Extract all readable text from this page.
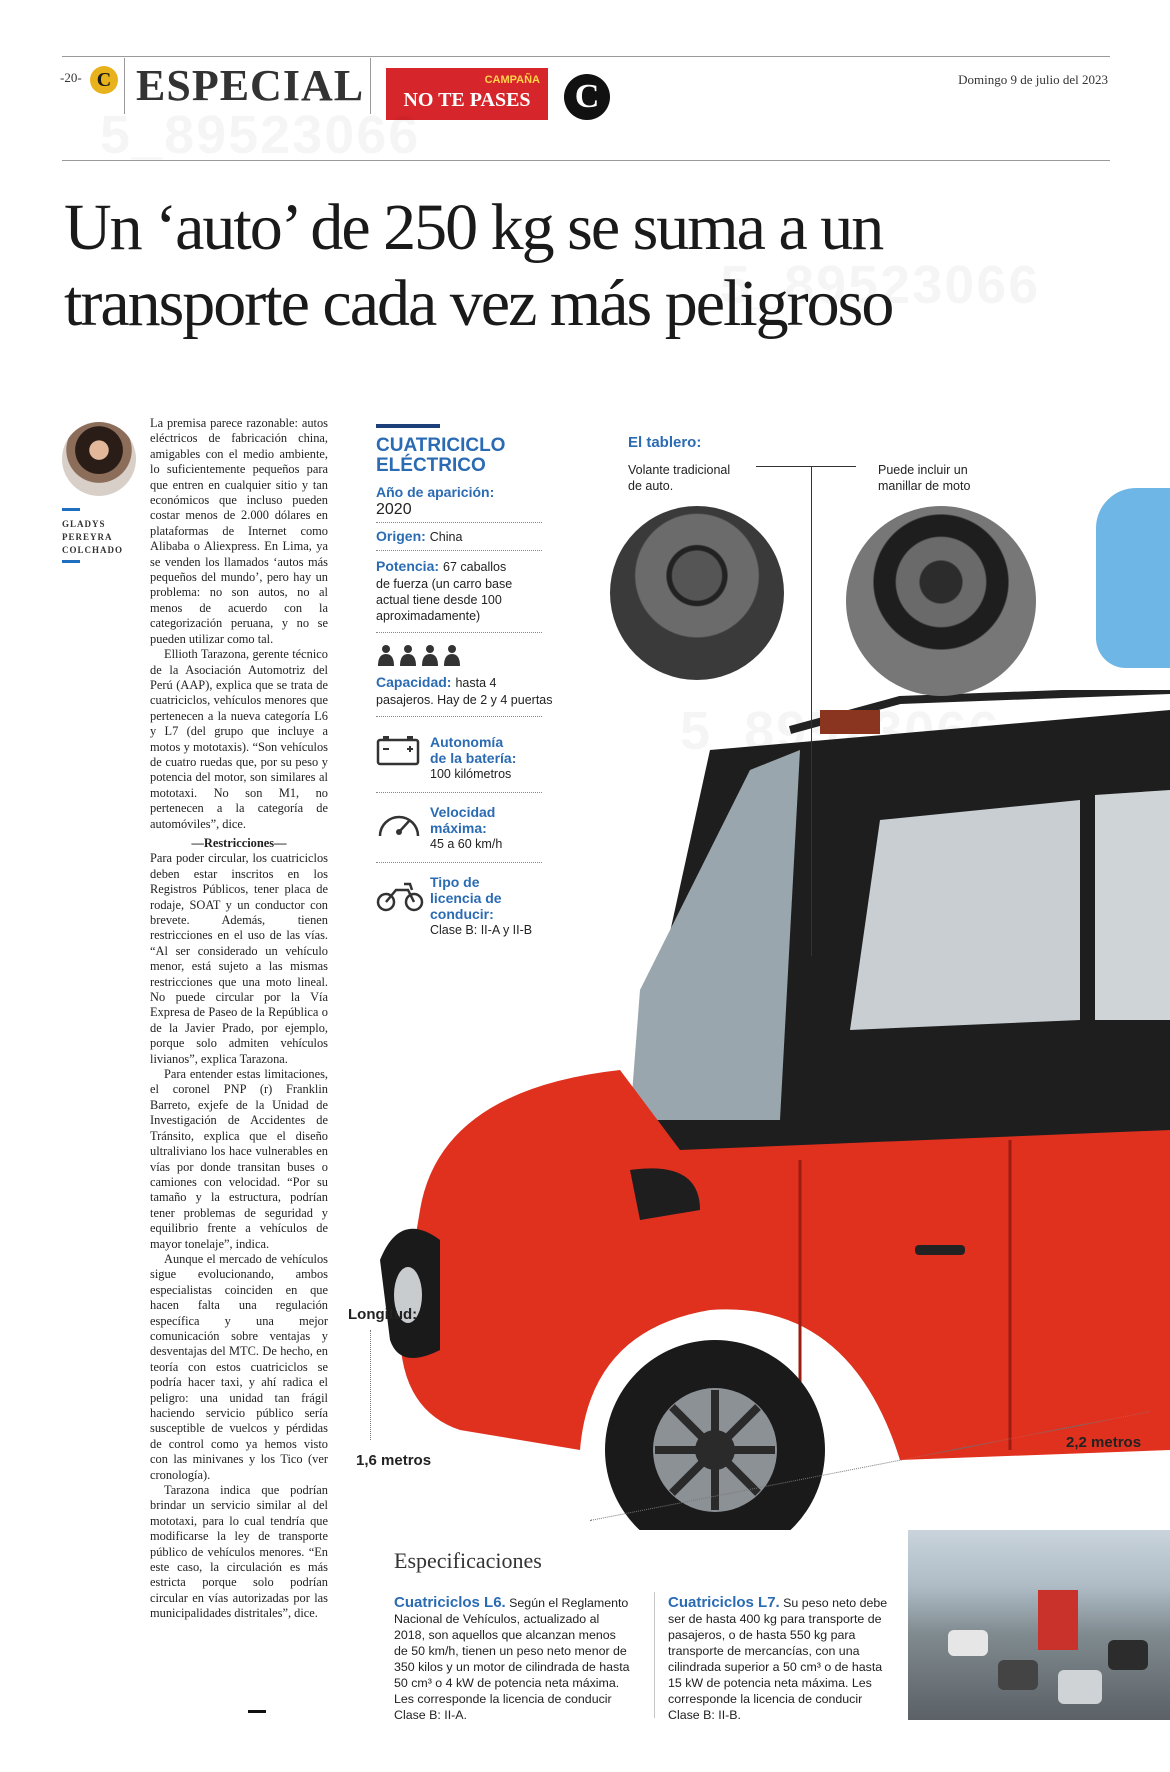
-20- C ESPECIAL	CAMPAÑA
NO TE PASES	C	Domingo 9 de julio del 2023
Un ‘auto’ de 250 kg se suma a un
transporte cada vez más peligroso
GLADYS
PEREYRA
COLCHADO

La premisa parece razonable: autos eléctricos de fabricación china, amigables con el medio ambiente, lo suficientemente pequeños para que entren en cualquier sitio y tan económicos que incluso pueden costar menos de 2.000 dólares en plataformas de Internet como Alibaba o Aliexpress. En Lima, ya se venden los llamados ‘autos más pequeños del mundo’, pero hay un problema: no son autos, no al menos de acuerdo con la categorización peruana, y no se pueden utilizar como tal.

Ellioth Tarazona, gerente técnico de la Asociación Automotriz del Perú (AAP), explica que se trata de cuatriciclos, vehículos menores que pertenecen a la nueva categoría L6 y L7 (del grupo que incluye a motos y mototaxis). “Son vehículos de cuatro ruedas que, por su peso y potencia del motor, son similares al mototaxi. No son M1, no pertenecen a la categoría de automóviles”, dice.

—Restricciones—

Para poder circular, los cuatriciclos deben estar inscritos en los Registros Públicos, tener placa de rodaje, SOAT y un conductor con brevete. Además, tienen restricciones en el uso de las vías. “Al ser considerado un vehículo menor, está sujeto a las mismas restricciones que una moto lineal. No puede circular por la Vía Expresa de Paseo de la República o de la Javier Prado, por ejemplo, porque solo admiten vehículos livianos”, explica Tarazona.

Para entender estas limitaciones, el coronel PNP (r) Franklin Barreto, exjefe de la Unidad de Investigación de Accidentes de Tránsito, explica que el diseño ultraliviano los hace vulnerables en vías por donde transitan buses o camiones con velocidad. “Por su tamaño y la estructura, podrían tener problemas de seguridad y equilibrio frente a vehículos de mayor tonelaje”, indica.

Aunque el mercado de vehículos sigue evolucionando, ambos especialistas coinciden en que hacen falta una regulación específica y una mejor comunicación sobre ventajas y desventajas del MTC. De hecho, en teoría con estos cuatriciclos se podría hacer taxi, y ahí radica el peligro: una unidad tan frágil haciendo servicio público sería susceptible de vuelcos y pérdidas de control como ya hemos visto con las minivanes y los Tico (ver cronología).

Tarazona indica que podrían brindar un servicio similar al del mototaxi, para lo cual tendría que modificarse la ley de transporte público de vehículos menores. “En este caso, la circulación es más estricta porque solo podrían circular en vías autorizadas por las municipalidades distritales”, dice.

CUATRICICLO
ELÉCTRICO
Año de aparición:
2020
Origen: China
Potencia: 67 caballos
de fuerza (un carro base
actual tiene desde 100
aproximadamente)
Capacidad: hasta 4
pasajeros. Hay de 2 y 4 puertas
Autonomía
de la batería:
100 kilómetros
Velocidad
máxima:
45 a 60 km/h
Tipo de
licencia de
conducir:
Clase B: II-A y II-B
El tablero:
Volante tradicional
de auto.
Puede incluir un
manillar de moto
Longitud:
1,6 metros
2,2 metros
Especificaciones
Cuatriciclos L6. Según el Reglamento Nacional de Vehículos, actualizado al 2018, son aquellos que alcanzan menos de 50 km/h, tienen un peso neto menor de 350 kilos y un motor de cilindrada de hasta 50 cm³ o 4 kW de potencia neta máxima. Les corresponde la licencia de conducir Clase B: II-A.
Cuatriciclos L7. Su peso neto debe ser de hasta 400 kg para transporte de pasajeros, o de hasta 550 kg para transporte de mercancías, con una cilindrada superior a 50 cm³ o de hasta 15 kW de potencia neta máxima. Les corresponde la licencia de conducir Clase B: II-B.
